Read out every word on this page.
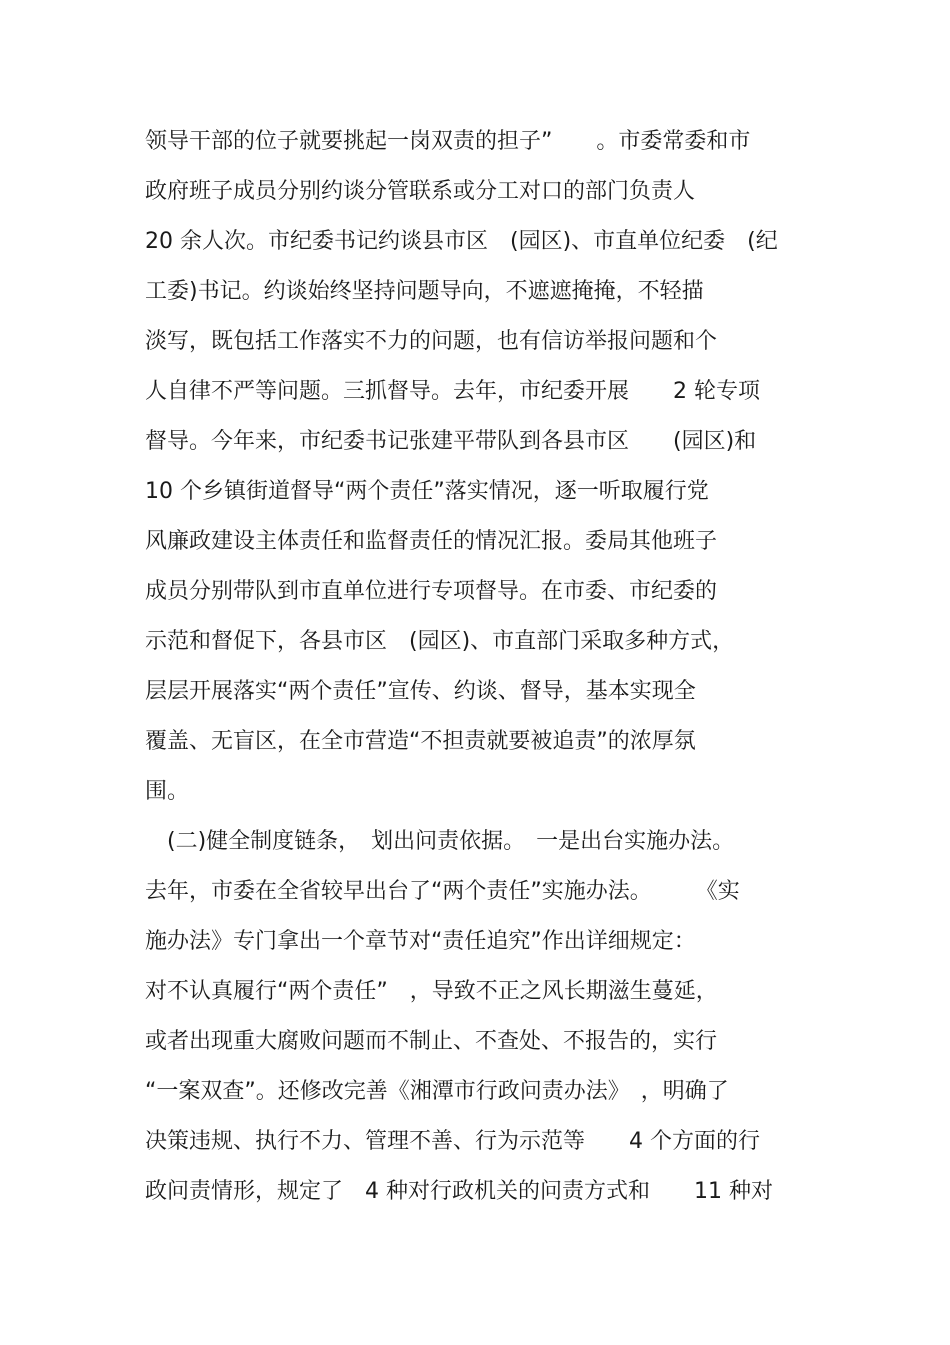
领导干部的位子就要挑起一岗双责的担子”　　。市委常委和市

政府班子成员分别约谈分管联系或分工对口的部门负责人

20 余人次。市纪委书记约谈县市区　(园区)、市直单位纪委　(纪

工委)书记。约谈始终坚持问题导向，不遮遮掩掩，不轻描

淡写，既包括工作落实不力的问题，也有信访举报问题和个

人自律不严等问题。三抓督导。去年，市纪委开展　　2 轮专项

督导。今年来，市纪委书记张建平带队到各县市区　　(园区)和

10 个乡镇街道督导“两个责任”落实情况，逐一听取履行党

风廉政建设主体责任和监督责任的情况汇报。委局其他班子

成员分别带队到市直单位进行专项督导。在市委、市纪委的

示范和督促下，各县市区　(园区)、市直部门采取多种方式，

层层开展落实“两个责任”宣传、约谈、督导，基本实现全

覆盖、无盲区，在全市营造“不担责就要被追责”的浓厚氛

围。

　(二)健全制度链条，　划出问责依据。　一是出台实施办法。

去年，市委在全省较早出台了“两个责任”实施办法。　　　《实

施办法》专门拿出一个章节对“责任追究”作出详细规定：

对不认真履行“两个责任”　，导致不正之风长期滋生蔓延，

或者出现重大腐败问题而不制止、不查处、不报告的，实行

“一案双查”。还修改完善《湘潭市行政问责办法》　，明确了

决策违规、执行不力、管理不善、行为示范等　　4 个方面的行

政问责情形，规定了　4 种对行政机关的问责方式和　　11 种对
